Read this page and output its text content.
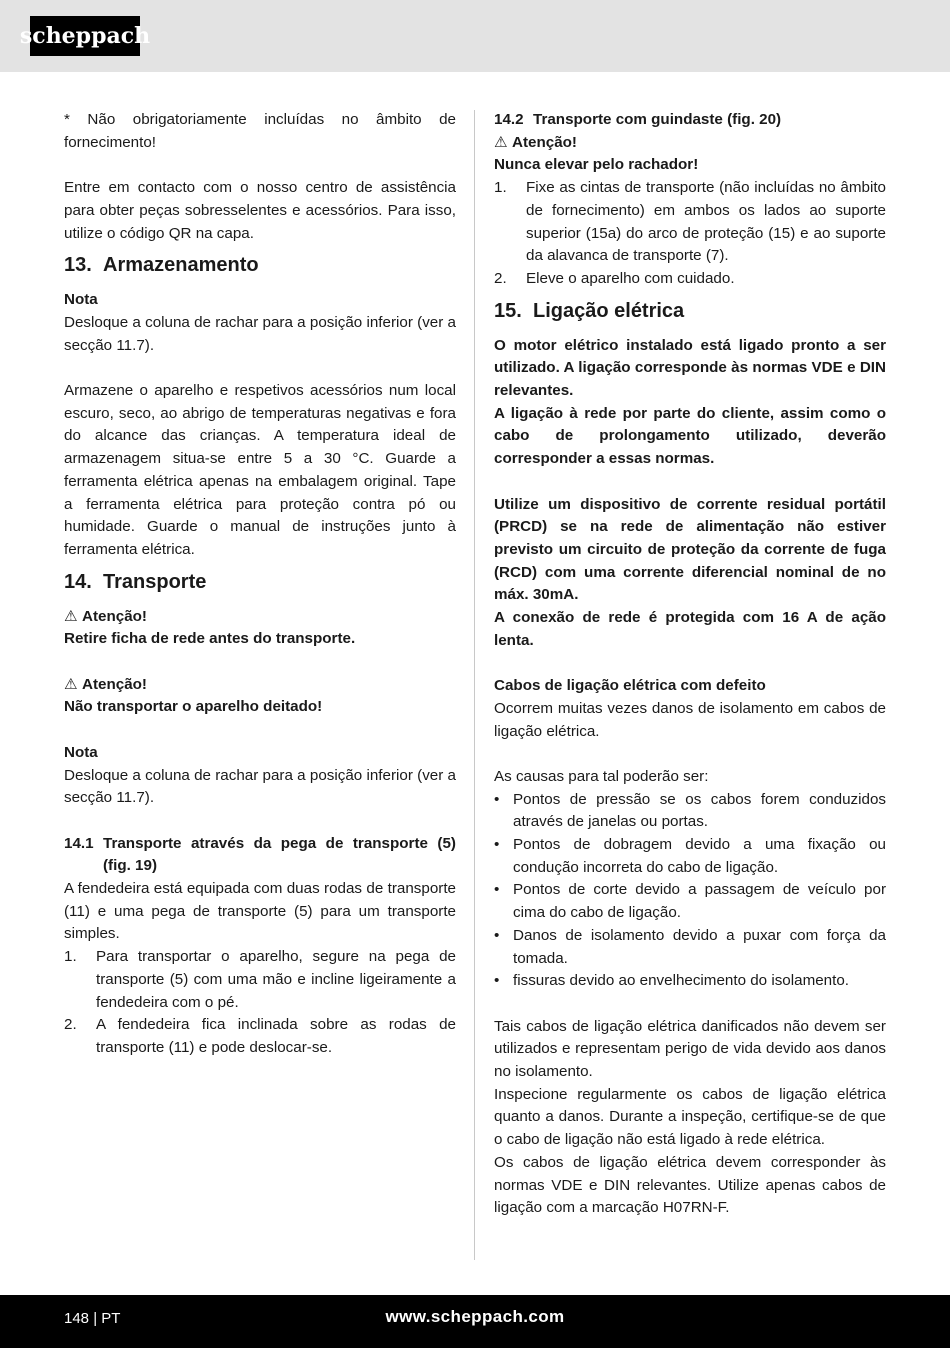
scheppach

* Não obrigatoriamente incluídas no âmbito de fornecimento!

Entre em contacto com o nosso centro de assistência para obter peças sobresselentes e acessórios. Para isso, utilize o código QR na capa.

13. Armazenamento

Nota

Desloque a coluna de rachar para a posição inferior (ver a secção 11.7).

Armazene o aparelho e respetivos acessórios num local escuro, seco, ao abrigo de temperaturas negativas e fora do alcance das crianças. A temperatura ideal de armazenagem situa-se entre 5 a 30 °C. Guarde a ferramenta elétrica apenas na embalagem original. Tape a ferramenta elétrica para proteção contra pó ou humidade. Guarde o manual de instruções junto à ferramenta elétrica.

14. Transporte

⚠ Atenção!

Retire ficha de rede antes do transporte.

⚠ Atenção!

Não transportar o aparelho deitado!

Nota

Desloque a coluna de rachar para a posição inferior (ver a secção 11.7).

14.1 Transporte através da pega de transporte (5) (fig. 19)

A fendedeira está equipada com duas rodas de transporte (11) e uma pega de transporte (5) para um transporte simples.

1.	Para transportar o aparelho, segure na pega de transporte (5) com uma mão e incline ligeiramente a fendedeira com o pé.
2.	A fendedeira fica inclinada sobre as rodas de transporte (11) e pode deslocar-se.
14.2 Transporte com guindaste (fig. 20)

⚠ Atenção!

Nunca elevar pelo rachador!

1.	Fixe as cintas de transporte (não incluídas no âmbito de fornecimento) em ambos os lados ao suporte superior (15a) do arco de proteção (15) e ao suporte da alavanca de transporte (7).
2.	Eleve o aparelho com cuidado.
15. Ligação elétrica

O motor elétrico instalado está ligado pronto a ser utilizado. A ligação corresponde às normas VDE e DIN relevantes.

A ligação à rede por parte do cliente, assim como o cabo de prolongamento utilizado, deverão corresponder a essas normas.

Utilize um dispositivo de corrente residual portátil (PRCD) se na rede de alimentação não estiver previsto um circuito de proteção da corrente de fuga (RCD) com uma corrente diferencial nominal de no máx. 30mA.

A conexão de rede é protegida com 16 A de ação lenta.

Cabos de ligação elétrica com defeito

Ocorrem muitas vezes danos de isolamento em cabos de ligação elétrica.

As causas para tal poderão ser:

• Pontos de pressão se os cabos forem conduzidos através de janelas ou portas.
• Pontos de dobragem devido a uma fixação ou condução incorreta do cabo de ligação.
• Pontos de corte devido a passagem de veículo por cima do cabo de ligação.
• Danos de isolamento devido a puxar com força da tomada.
• fissuras devido ao envelhecimento do isolamento.

Tais cabos de ligação elétrica danificados não devem ser utilizados e representam perigo de vida devido aos danos no isolamento.

Inspecione regularmente os cabos de ligação elétrica quanto a danos. Durante a inspeção, certifique-se de que o cabo de ligação não está ligado à rede elétrica.

Os cabos de ligação elétrica devem corresponder às normas VDE e DIN relevantes. Utilize apenas cabos de ligação com a marcação H07RN-F.

148 | PT	www.scheppach.com
